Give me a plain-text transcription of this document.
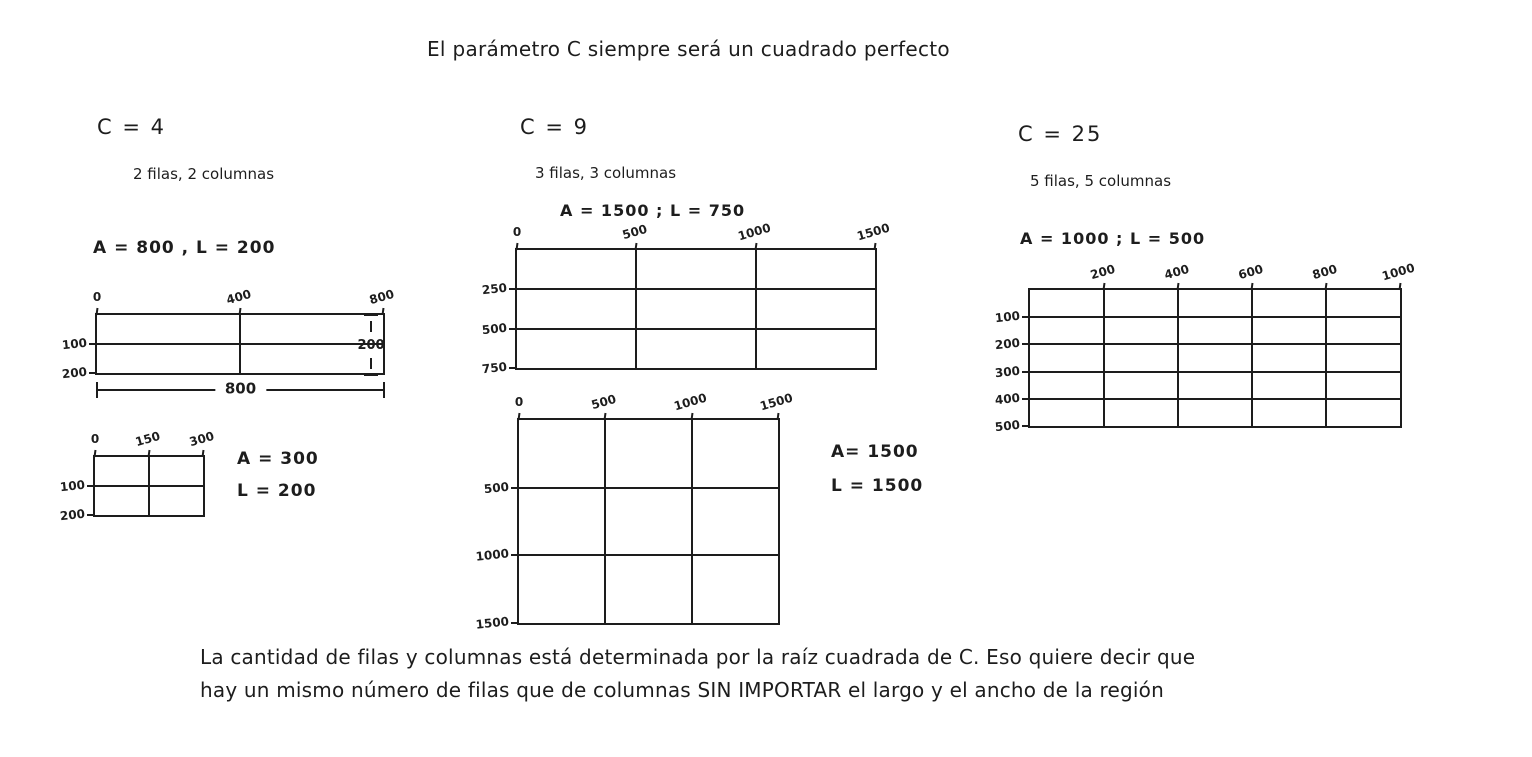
El parámetro C siempre será un cuadrado perfecto
C = 4
2 filas, 2 columnas
A = 800 , L = 200
0	400	800
100
200
200
800
0	150 300
100
200
A = 300
L = 200
C = 9
3 filas, 3 columnas
A = 1500 ; L = 750
0	500	1000	1500
250
500
750
0	500	1000	1500
500
1000
1500
A= 1500
L = 1500
C = 25
5 filas, 5 columnas
A = 1000 ; L = 500
200	400	600	800	1000
100
200
300
400
500
La cantidad de filas y columnas está determinada por la raíz cuadrada de C. Eso quiere decir que
hay un mismo número de filas que de columnas SIN IMPORTAR el largo y el ancho de la región
